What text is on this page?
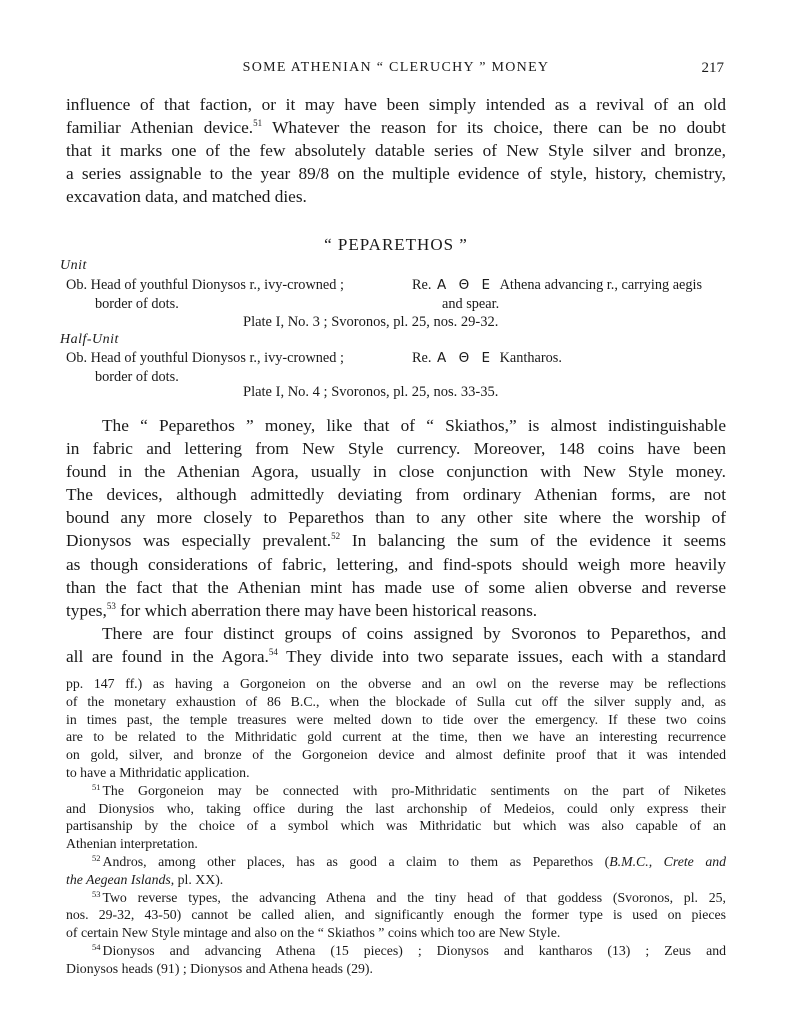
SOME ATHENIAN “ CLERUCHY ” MONEY	217
influence of that faction, or it may have been simply intended as a revival of an old
familiar Athenian device.$^{51}$ Whatever the reason for its choice, there can be no doubt
that it marks one of the few absolutely datable series of New Style silver and bronze,
a series assignable to the year 89/8 on the multiple evidence of style, history, chemistry,
excavation data, and matched dies.
“ PEPARETHOS ”
Unit
Ob. Head of youthful Dionysos r., ivy-crowned ;
border of dots.
Re. Α Θ Ε Athena advancing r., carrying aegis
and spear.
Plate I, No. 3 ; Svoronos, pl. 25, nos. 29-32.
Half-Unit
Ob. Head of youthful Dionysos r., ivy-crowned ;
border of dots.
Re. Α Θ Ε Kantharos.
Plate I, No. 4 ; Svoronos, pl. 25, nos. 33-35.
The “ Peparethos ” money, like that of “ Skiathos,” is almost indistinguishable
in fabric and lettering from New Style currency. Moreover, 148 coins have been
found in the Athenian Agora, usually in close conjunction with New Style money.
The devices, although admittedly deviating from ordinary Athenian forms, are not
bound any more closely to Peparethos than to any other site where the worship of
Dionysos was especially prevalent.$^{52}$ In balancing the sum of the evidence it seems
as though considerations of fabric, lettering, and find-spots should weigh more heavily
than the fact that the Athenian mint has made use of some alien obverse and reverse
types,$^{53}$ for which aberration there may have been historical reasons.
There are four distinct groups of coins assigned by Svoronos to Peparethos, and
all are found in the Agora.$^{54}$ They divide into two separate issues, each with a standard
pp. 147 ff.) as having a Gorgoneion on the obverse and an owl on the reverse may be reflections
of the monetary exhaustion of 86 B.C., when the blockade of Sulla cut off the silver supply and, as
in times past, the temple treasures were melted down to tide over the emergency. If these two coins
are to be related to the Mithridatic gold current at the time, then we have an interesting recurrence
on gold, silver, and bronze of the Gorgoneion device and almost definite proof that it was intended
to have a Mithridatic application.
$^{51}$ The Gorgoneion may be connected with pro-Mithridatic sentiments on the part of Niketes
and Dionysios who, taking office during the last archonship of Medeios, could only express their
partisanship by the choice of a symbol which was Mithridatic but which was also capable of an
Athenian interpretation.
$^{52}$ Andros, among other places, has as good a claim to them as Peparethos (B.M.C., Crete and
the Aegean Islands, pl. XX).
$^{53}$ Two reverse types, the advancing Athena and the tiny head of that goddess (Svoronos, pl. 25,
nos. 29-32, 43-50) cannot be called alien, and significantly enough the former type is used on pieces
of certain New Style mintage and also on the “ Skiathos ” coins which too are New Style.
$^{54}$ Dionysos and advancing Athena (15 pieces) ; Dionysos and kantharos (13) ; Zeus and
Dionysos heads (91) ; Dionysos and Athena heads (29).
